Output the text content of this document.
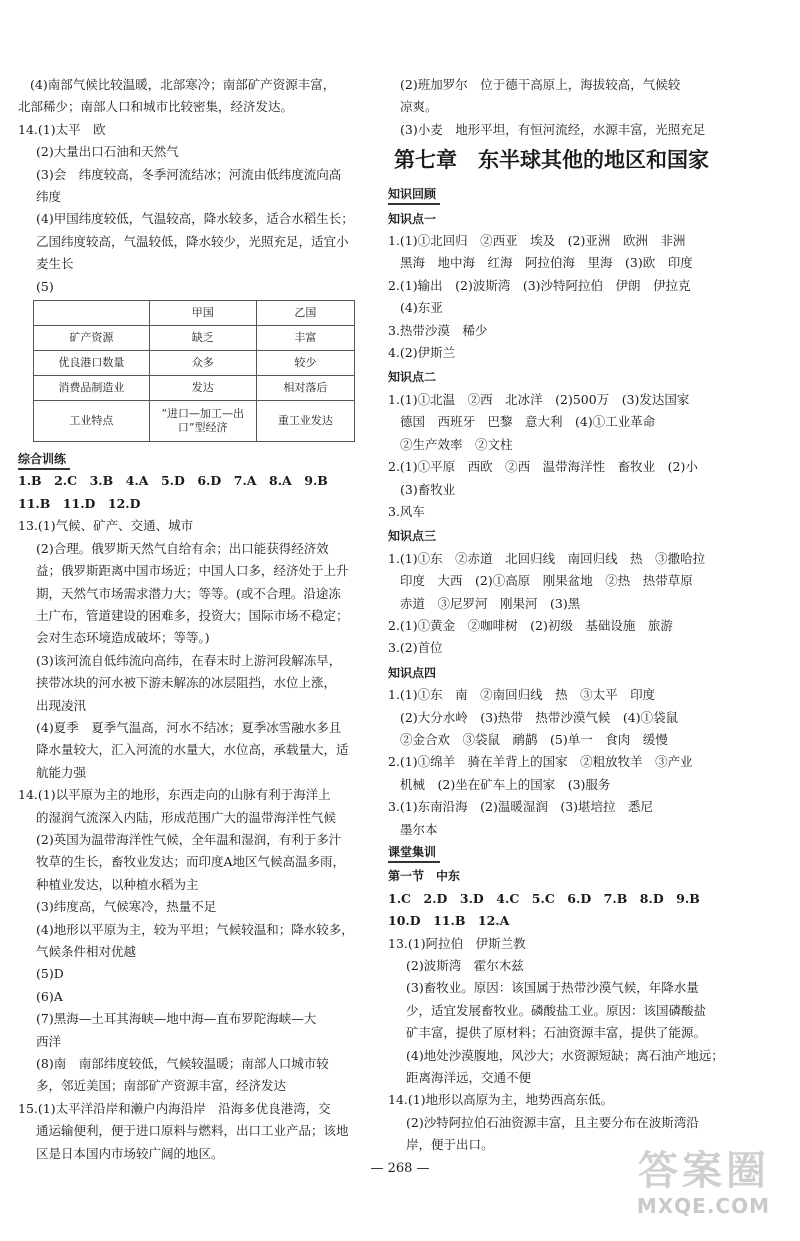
(4)南部气候比较温暖，北部寒冷；南部矿产资源丰富，
北部稀少；南部人口和城市比较密集，经济发达。
14.(1)太平　欧
(2)大量出口石油和天然气
(3)会　纬度较高，冬季河流结冰；河流由低纬度流向高
纬度
(4)甲国纬度较低，气温较高，降水较多，适合水稻生长；
乙国纬度较高，气温较低，降水较少，光照充足，适宜小
麦生长
(5)
	甲国	乙国
矿产资源	缺乏	丰富
优良港口数量	众多	较少
消费品制造业	发达	相对落后
工业特点	“进口—加工—出口”型经济	重工业发达
综合训练
1.B　2.C　3.B　4.A　5.D　6.D　7.A　8.A　9.B
11.B　11.D　12.D
13.(1)气候、矿产、交通、城市
(2)合理。俄罗斯天然气自给有余；出口能获得经济效
益；俄罗斯距离中国市场近；中国人口多，经济处于上升
期，天然气市场需求潜力大；等等。(或不合理。沿途冻
土广布，管道建设的困难多，投资大；国际市场不稳定；
会对生态环境造成破坏；等等。)
(3)该河流自低纬流向高纬，在春末时上游河段解冻早，
挟带冰块的河水被下游未解冻的冰层阻挡，水位上涨，
出现凌汛
(4)夏季　夏季气温高，河水不结冰；夏季冰雪融水多且
降水量较大，汇入河流的水量大，水位高，承载量大，适
航能力强
14.(1)以平原为主的地形，东西走向的山脉有利于海洋上
的湿润气流深入内陆，形成范围广大的温带海洋性气候
(2)英国为温带海洋性气候，全年温和湿润，有利于多汁
牧草的生长，畜牧业发达；而印度A地区气候高温多雨，
种植业发达，以种植水稻为主
(3)纬度高，气候寒冷，热量不足
(4)地形以平原为主，较为平坦；气候较温和；降水较多，
气候条件相对优越
(5)D
(6)A
(7)黑海—土耳其海峡—地中海—直布罗陀海峡—大
西洋
(8)南　南部纬度较低，气候较温暖；南部人口城市较
多，邻近美国；南部矿产资源丰富，经济发达
15.(1)太平洋沿岸和濑户内海沿岸　沿海多优良港湾，交
通运输便利，便于进口原料与燃料，出口工业产品；该地
区是日本国内市场较广阔的地区。
(2)班加罗尔　位于德干高原上，海拔较高，气候较
凉爽。
(3)小麦　地形平坦，有恒河流经，水源丰富，光照充足
第七章　东半球其他的地区和国家
知识回顾
知识点一
1.(1)①北回归　②西亚　埃及　(2)亚洲　欧洲　非洲
黑海　地中海　红海　阿拉伯海　里海　(3)欧　印度
2.(1)输出　(2)波斯湾　(3)沙特阿拉伯　伊朗　伊拉克
(4)东亚
3.热带沙漠　稀少
4.(2)伊斯兰
知识点二
1.(1)①北温　②西　北冰洋　(2)500万　(3)发达国家
德国　西班牙　巴黎　意大利　(4)①工业革命
②生产效率　②文柱
2.(1)①平原　西欧　②西　温带海洋性　畜牧业　(2)小
(3)畜牧业
3.风车
知识点三
1.(1)①东　②赤道　北回归线　南回归线　热　③撒哈拉
印度　大西　(2)①高原　刚果盆地　②热　热带草原
赤道　③尼罗河　刚果河　(3)黑
2.(1)①黄金　②咖啡树　(2)初级　基础设施　旅游
3.(2)首位
知识点四
1.(1)①东　南　②南回归线　热　③太平　印度
(2)大分水岭　(3)热带　热带沙漠气候　(4)①袋鼠
②金合欢　③袋鼠　鸸鹋　(5)单一　食肉　缓慢
2.(1)①绵羊　骑在羊背上的国家　②粗放牧羊　③产业
机械　(2)坐在矿车上的国家　(3)服务
3.(1)东南沿海　(2)温暖湿润　(3)堪培拉　悉尼
墨尔本
课堂集训
第一节　中东
1.C　2.D　3.D　4.C　5.C　6.D　7.B　8.D　9.B
10.D　11.B　12.A
13.(1)阿拉伯　伊斯兰教
(2)波斯湾　霍尔木兹
(3)畜牧业。原因：该国属于热带沙漠气候，年降水量
少，适宜发展畜牧业。磷酸盐工业。原因：该国磷酸盐
矿丰富，提供了原材料；石油资源丰富，提供了能源。
(4)地处沙漠腹地，风沙大；水资源短缺；离石油产地远；
距离海洋远，交通不便
14.(1)地形以高原为主，地势西高东低。
(2)沙特阿拉伯石油资源丰富，且主要分布在波斯湾沿
岸，便于出口。
— 268 —	答案圈
MXQE.COM
